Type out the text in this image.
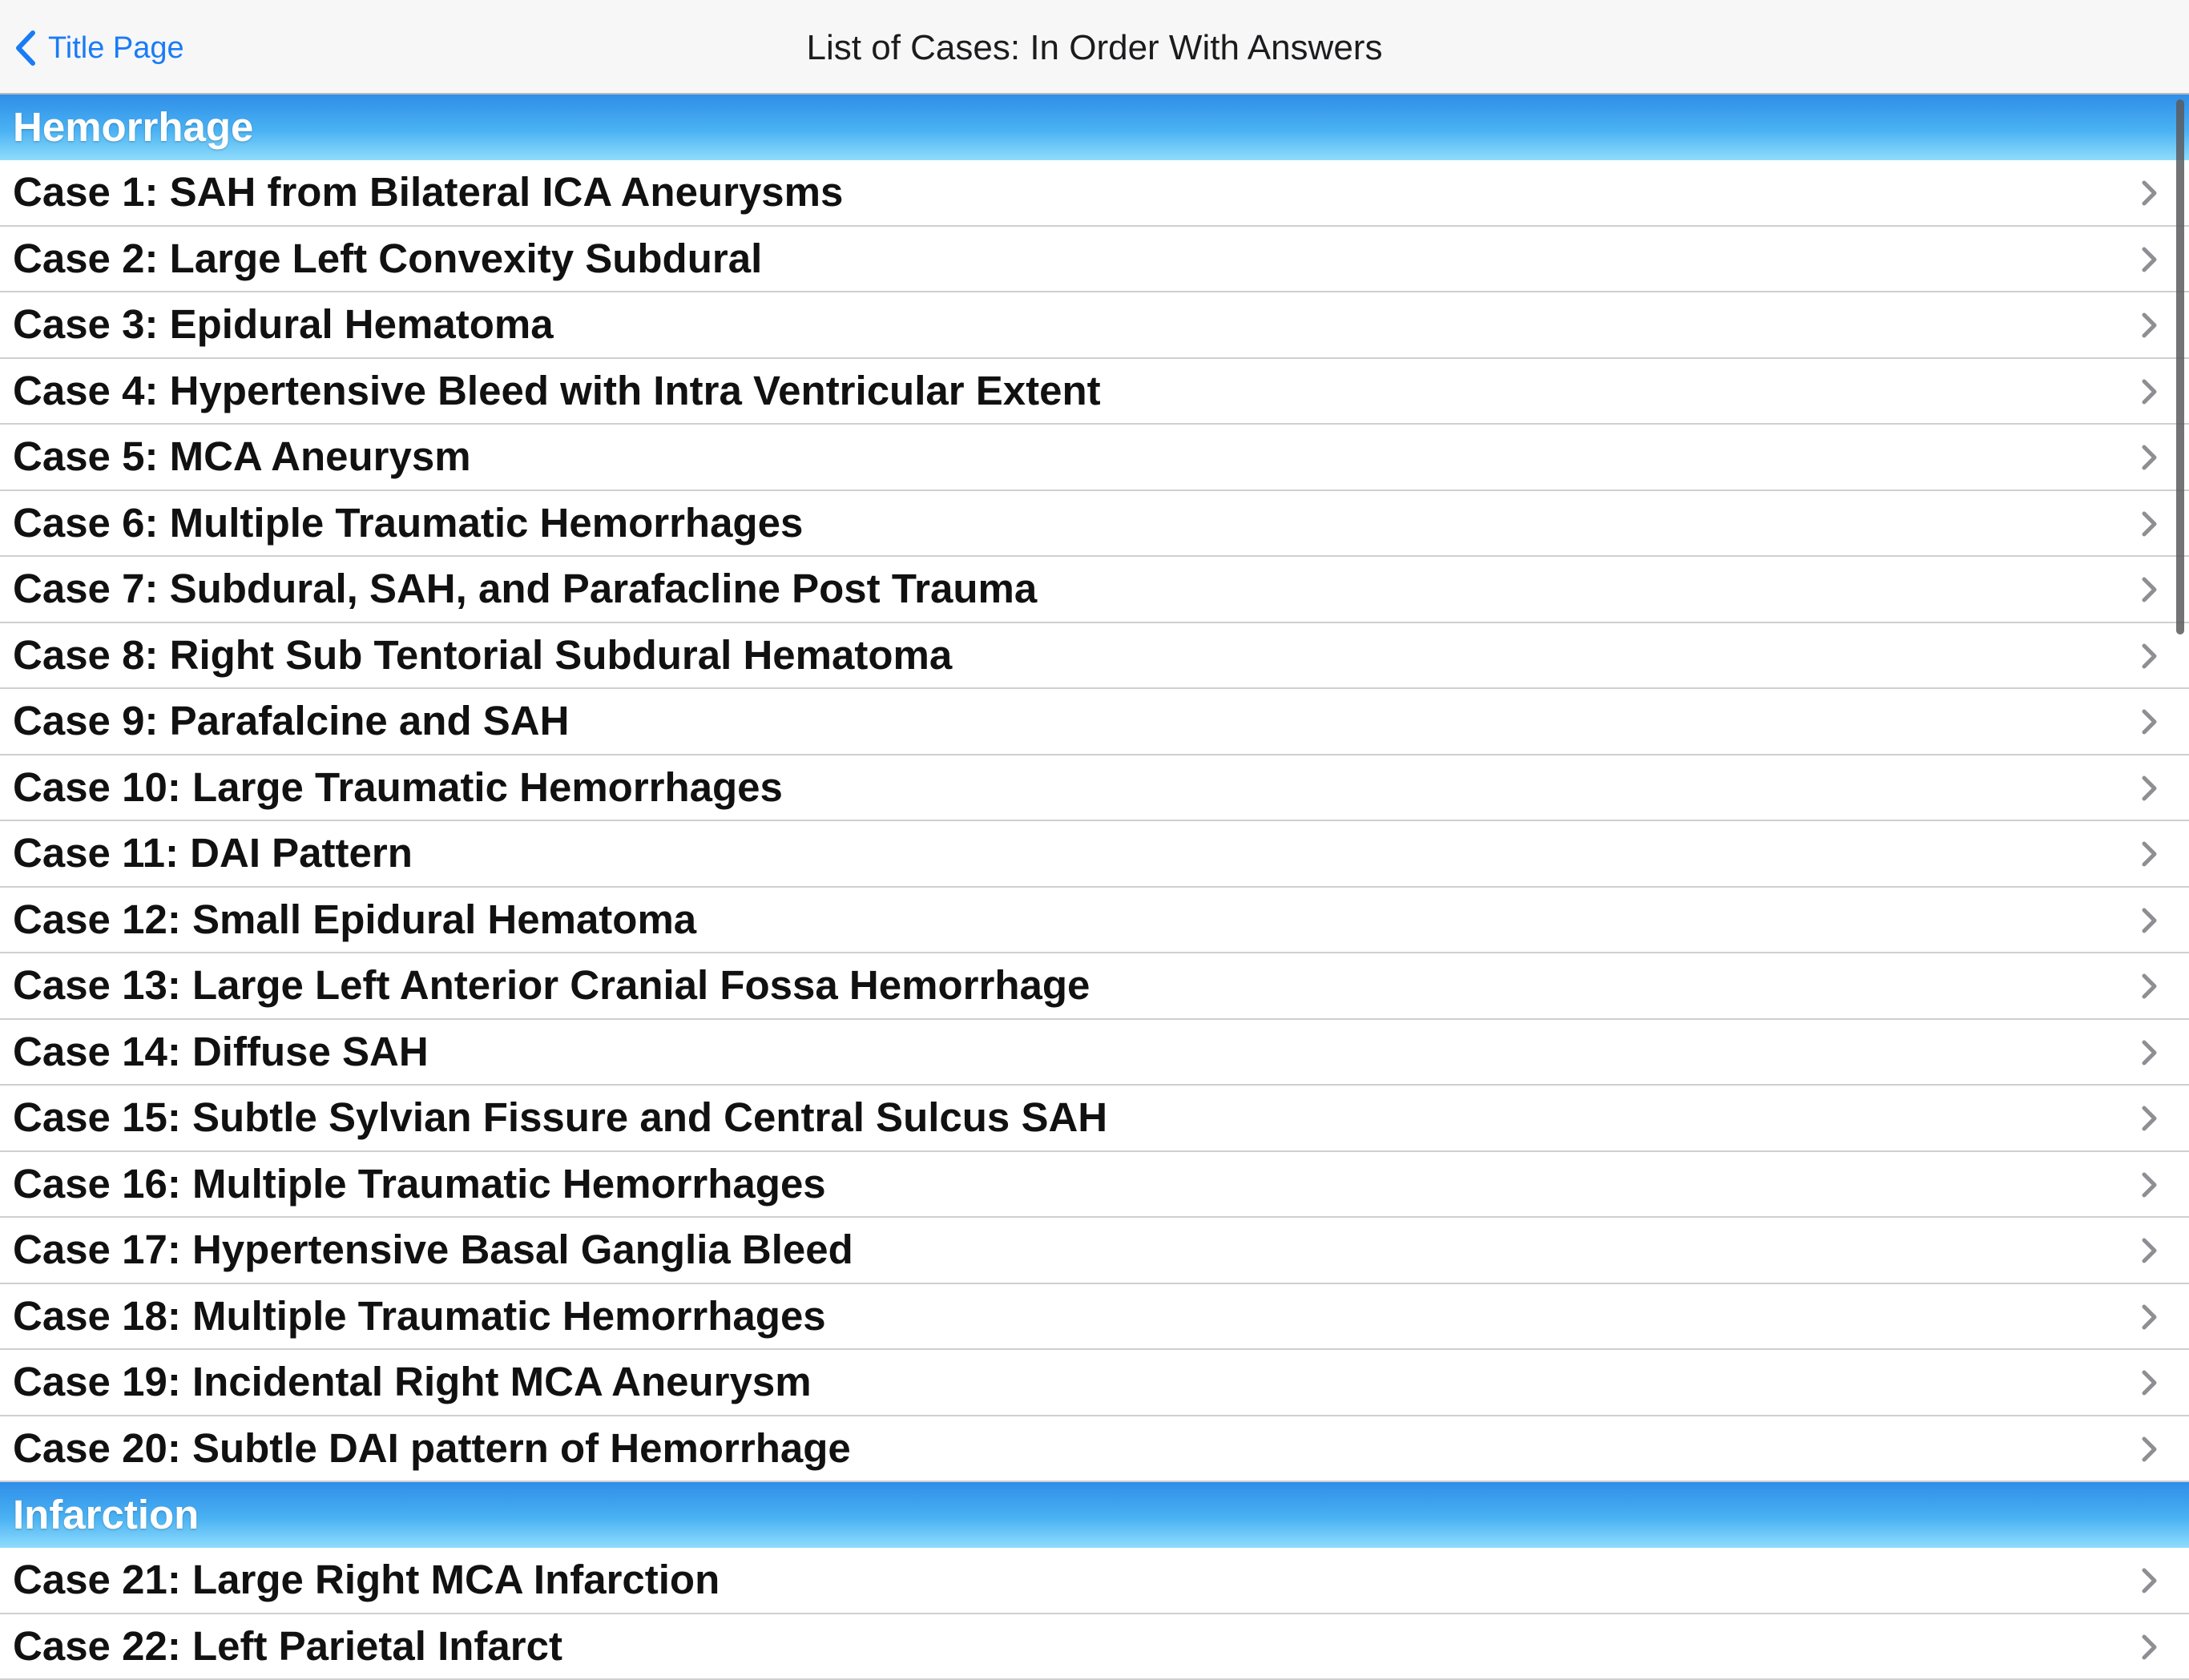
Title Page	List of Cases: In Order With Answers
Hemorrhage
Case 1: SAH from Bilateral ICA Aneurysms
Case 2: Large Left Convexity Subdural
Case 3: Epidural Hematoma
Case 4: Hypertensive Bleed with Intra Ventricular Extent
Case 5: MCA Aneurysm
Case 6: Multiple Traumatic Hemorrhages
Case 7: Subdural, SAH, and Parafacline Post Trauma
Case 8: Right Sub Tentorial Subdural Hematoma
Case 9: Parafalcine and SAH
Case 10: Large Traumatic Hemorrhages
Case 11: DAI Pattern
Case 12: Small Epidural Hematoma
Case 13: Large Left Anterior Cranial Fossa Hemorrhage
Case 14: Diffuse SAH
Case 15: Subtle Sylvian Fissure and Central Sulcus SAH
Case 16: Multiple Traumatic Hemorrhages
Case 17: Hypertensive Basal Ganglia Bleed
Case 18: Multiple Traumatic Hemorrhages
Case 19: Incidental Right MCA Aneurysm
Case 20: Subtle DAI pattern of Hemorrhage
Infarction
Case 21: Large Right MCA Infarction
Case 22: Left Parietal Infarct
